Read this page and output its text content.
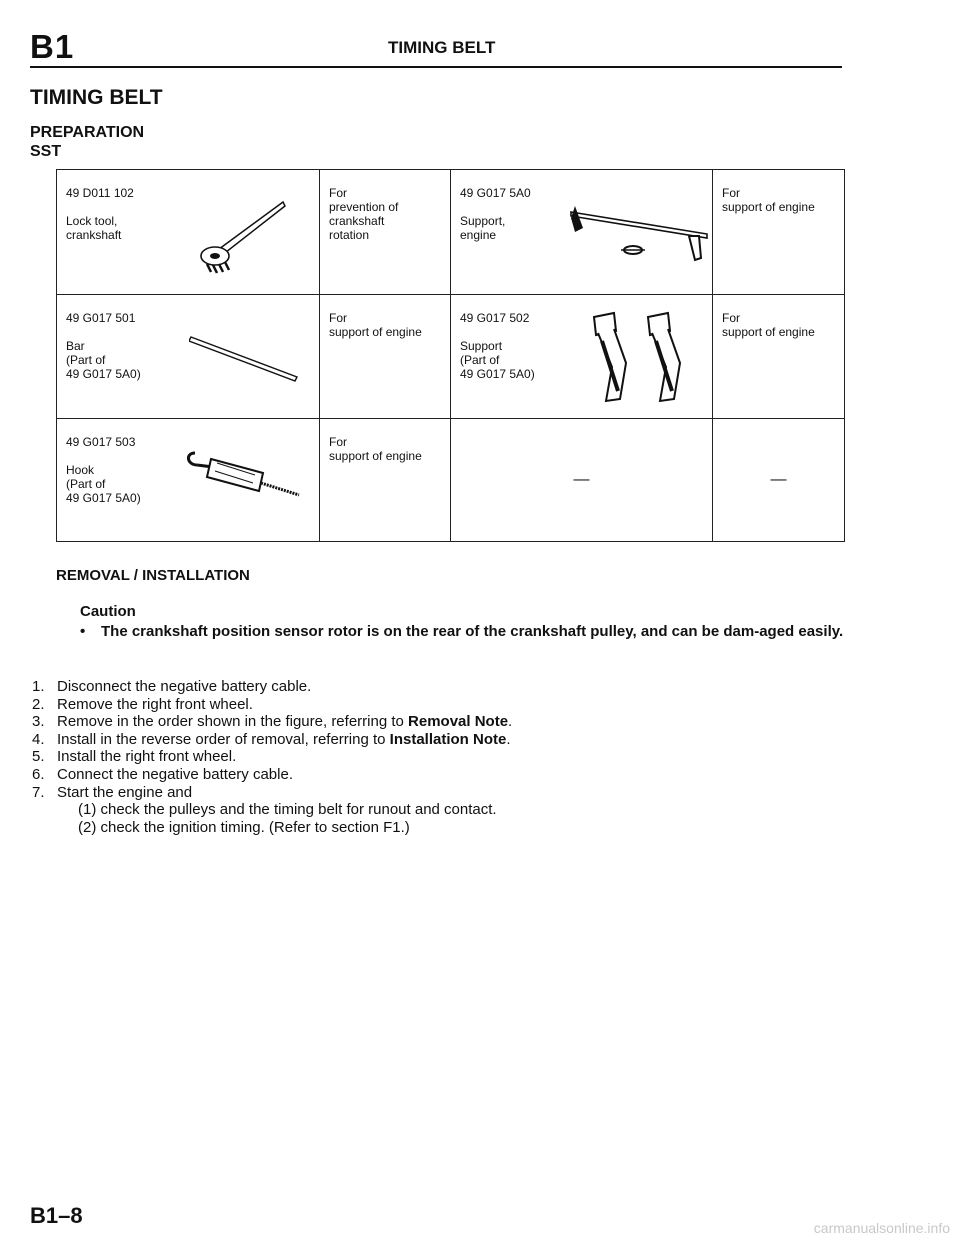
B1	TIMING BELT
TIMING BELT
PREPARATION
SST
49 D011 102
Lock tool,
crankshaft	For
prevention of
crankshaft
rotation	49 G017 5A0
Support,
engine	For
support of engine

49 G017 501
Bar
(Part of
49 G017 5A0)	For
support of engine	49 G017 502
Support
(Part of
49 G017 5A0)	For
support of engine

49 G017 503
Hook
(Part of
49 G017 5A0)	For
support of engine	—	—
REMOVAL / INSTALLATION
Caution
• The crankshaft position sensor rotor is on the rear of the crankshaft pulley, and can be dam-aged easily.
1. Disconnect the negative battery cable.
2. Remove the right front wheel.
3. Remove in the order shown in the figure, referring to Removal Note.
4. Install in the reverse order of removal, referring to Installation Note.
5. Install the right front wheel.
6. Connect the negative battery cable.
7. Start the engine and
(1) check the pulleys and the timing belt for runout and contact.
(2) check the ignition timing. (Refer to section F1.)
B1–8	carmanualsonline.info
